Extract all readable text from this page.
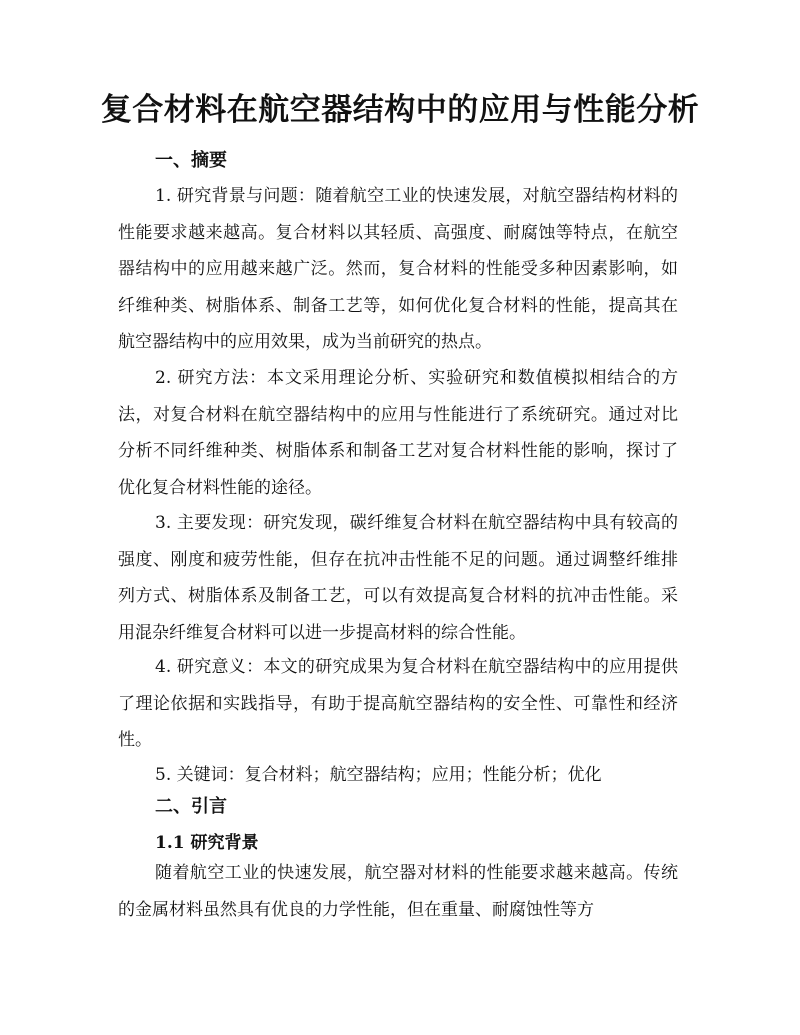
复合材料在航空器结构中的应用与性能分析
一、摘要

1. 研究背景与问题：随着航空工业的快速发展，对航空器结构材料的性能要求越来越高。复合材料以其轻质、高强度、耐腐蚀等特点，在航空器结构中的应用越来越广泛。然而，复合材料的性能受多种因素影响，如纤维种类、树脂体系、制备工艺等，如何优化复合材料的性能，提高其在航空器结构中的应用效果，成为当前研究的热点。

2. 研究方法：本文采用理论分析、实验研究和数值模拟相结合的方法，对复合材料在航空器结构中的应用与性能进行了系统研究。通过对比分析不同纤维种类、树脂体系和制备工艺对复合材料性能的影响，探讨了优化复合材料性能的途径。

3. 主要发现：研究发现，碳纤维复合材料在航空器结构中具有较高的强度、刚度和疲劳性能，但存在抗冲击性能不足的问题。通过调整纤维排列方式、树脂体系及制备工艺，可以有效提高复合材料的抗冲击性能。采用混杂纤维复合材料可以进一步提高材料的综合性能。

4. 研究意义：本文的研究成果为复合材料在航空器结构中的应用提供了理论依据和实践指导，有助于提高航空器结构的安全性、可靠性和经济性。

5. 关键词：复合材料；航空器结构；应用；性能分析；优化

二、引言
1.1 研究背景

随着航空工业的快速发展，航空器对材料的性能要求越来越高。传统的金属材料虽然具有优良的力学性能，但在重量、耐腐蚀性等方
